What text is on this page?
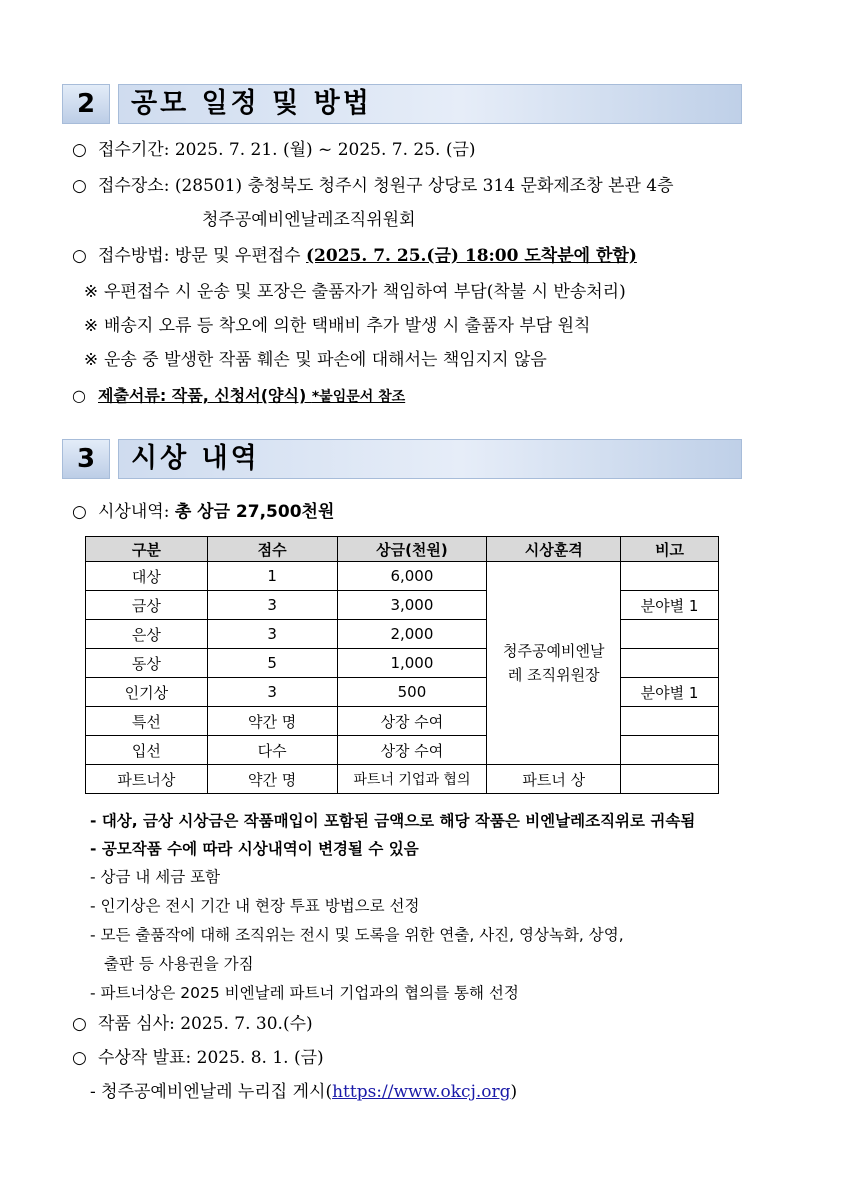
2	공모 일정 및 방법
○ 접수기간: 2025. 7. 21. (월) ~ 2025. 7. 25. (금)
○ 접수장소: (28501) 충청북도 청주시 청원구 상당로 314 문화제조창 본관 4층
청주공예비엔날레조직위원회
○ 접수방법: 방문 및 우편접수 (2025. 7. 25.(금) 18:00 도착분에 한함)
※ 우편접수 시 운송 및 포장은 출품자가 책임하여 부담(착불 시 반송처리)
※ 배송지 오류 등 착오에 의한 택배비 추가 발생 시 출품자 부담 원칙
※ 운송 중 발생한 작품 훼손 및 파손에 대해서는 책임지지 않음
○ 제출서류: 작품, 신청서(양식) *붙임문서 참조
3	시상 내역
○ 시상내역: 총 상금 27,500천원
구분	점수	상금(천원)	시상훈격	비고
대상	1	6,000	청주공예비엔날레 조직위원장	
금상	3	3,000		분야별 1
은상	3	2,000		
동상	5	1,000		
인기상	3	500		분야별 1
특선	약간 명	상장 수여		
입선	다수	상장 수여		
파트너상	약간 명	파트너 기업과 협의	파트너 상	
- 대상, 금상 시상금은 작품매입이 포함된 금액으로 해당 작품은 비엔날레조직위로 귀속됨
- 공모작품 수에 따라 시상내역이 변경될 수 있음
- 상금 내 세금 포함
- 인기상은 전시 기간 내 현장 투표 방법으로 선정
- 모든 출품작에 대해 조직위는 전시 및 도록을 위한 연출, 사진, 영상녹화, 상영,
출판 등 사용권을 가짐
- 파트너상은 2025 비엔날레 파트너 기업과의 협의를 통해 선정
○ 작품 심사: 2025. 7. 30.(수)
○ 수상작 발표: 2025. 8. 1. (금)
- 청주공예비엔날레 누리집 게시(https://www.okcj.org)
